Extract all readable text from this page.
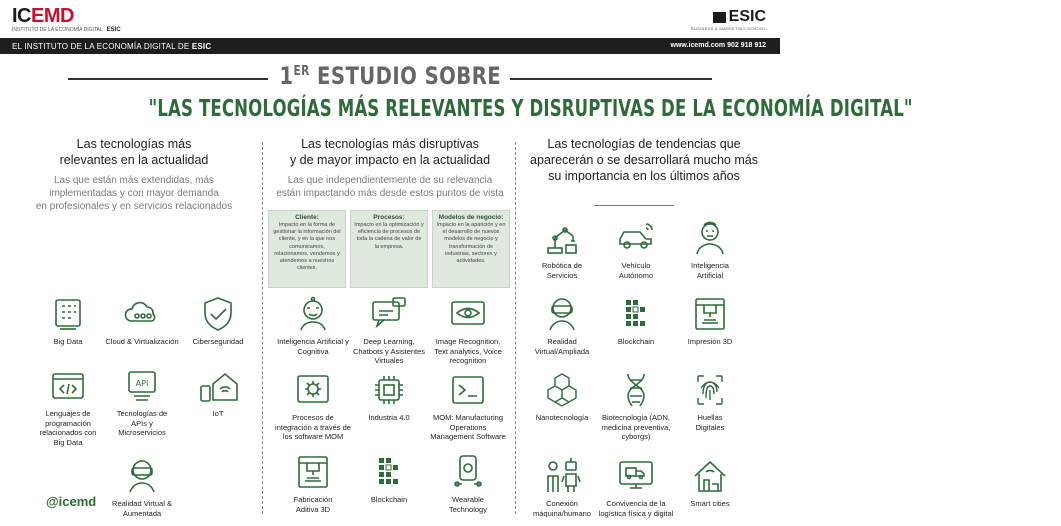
ICEMD
INSTITUTO DE LA ECONOMÍA DIGITAL ESIC
ESIC
BUSINESS & MARKETING SCHOOL
EL INSTITUTO DE LA ECONOMÍA DIGITAL DE ESIC	www.icemd.com 902 918 912
1ER ESTUDIO SOBRE
"LAS TECNOLOGÍAS MÁS RELEVANTES Y DISRUPTIVAS DE LA ECONOMÍA DIGITAL"
Las tecnologías más
relevantes en la actualidad
Las que están más extendidas, más
implementadas y con mayor demanda
en profesionales y en servicios relacionados
Big Data	Cloud & Virtualización	Ciberseguridad
Lenguajes de programación relacionados con Big Data
Tecnologías de APIs y Microservicios
IoT
Realidad Virtual & Aumentada
@icemd
Las tecnologías más disruptivas
y de mayor impacto en la actualidad
Las que independientemente de su relevancia
están impactando más desde estos puntos de vista
Cliente:
Impacto en la forma de gestionar la información del cliente, y en la que nos comunicamos, relacionamos, vendemos y atendemos a nuestros clientes.
Procesos:
Impacto en la optimización y eficiencia de procesos de toda la cadena de valor de la empresa.
Modelos de negocio:
Impacto en la aparición y en el desarrollo de nuevos modelos de negocio y transformación de industrias, sectores y actividades.
Inteligencia Artificial y Cognitiva
Deep Learning, Chatbots y Asistentes Virtuales
Image Recognition, Text analytics, Voice recognition
Procesos de integración a través de los software MOM
Industria 4.0	MOM: Manufacturing Operations Management Software
Fabricación Aditiva 3D
Blockchain	Wearable Technology
Las tecnologías de tendencias que
aparecerán o se desarrollará mucho más
su importancia en los últimos años
Robótica de Servicios
Vehículo Autónomo
Inteligencia Artificial
Realidad Virtual/Ampliada
Blockchain	Impresión 3D
Nanotecnología	Biotecnología (ADN, medicina preventiva, cyborgs)
Huellas Digitales
Conexión máquina/humano
Convivencia de la logística física y digital
Smart cities
